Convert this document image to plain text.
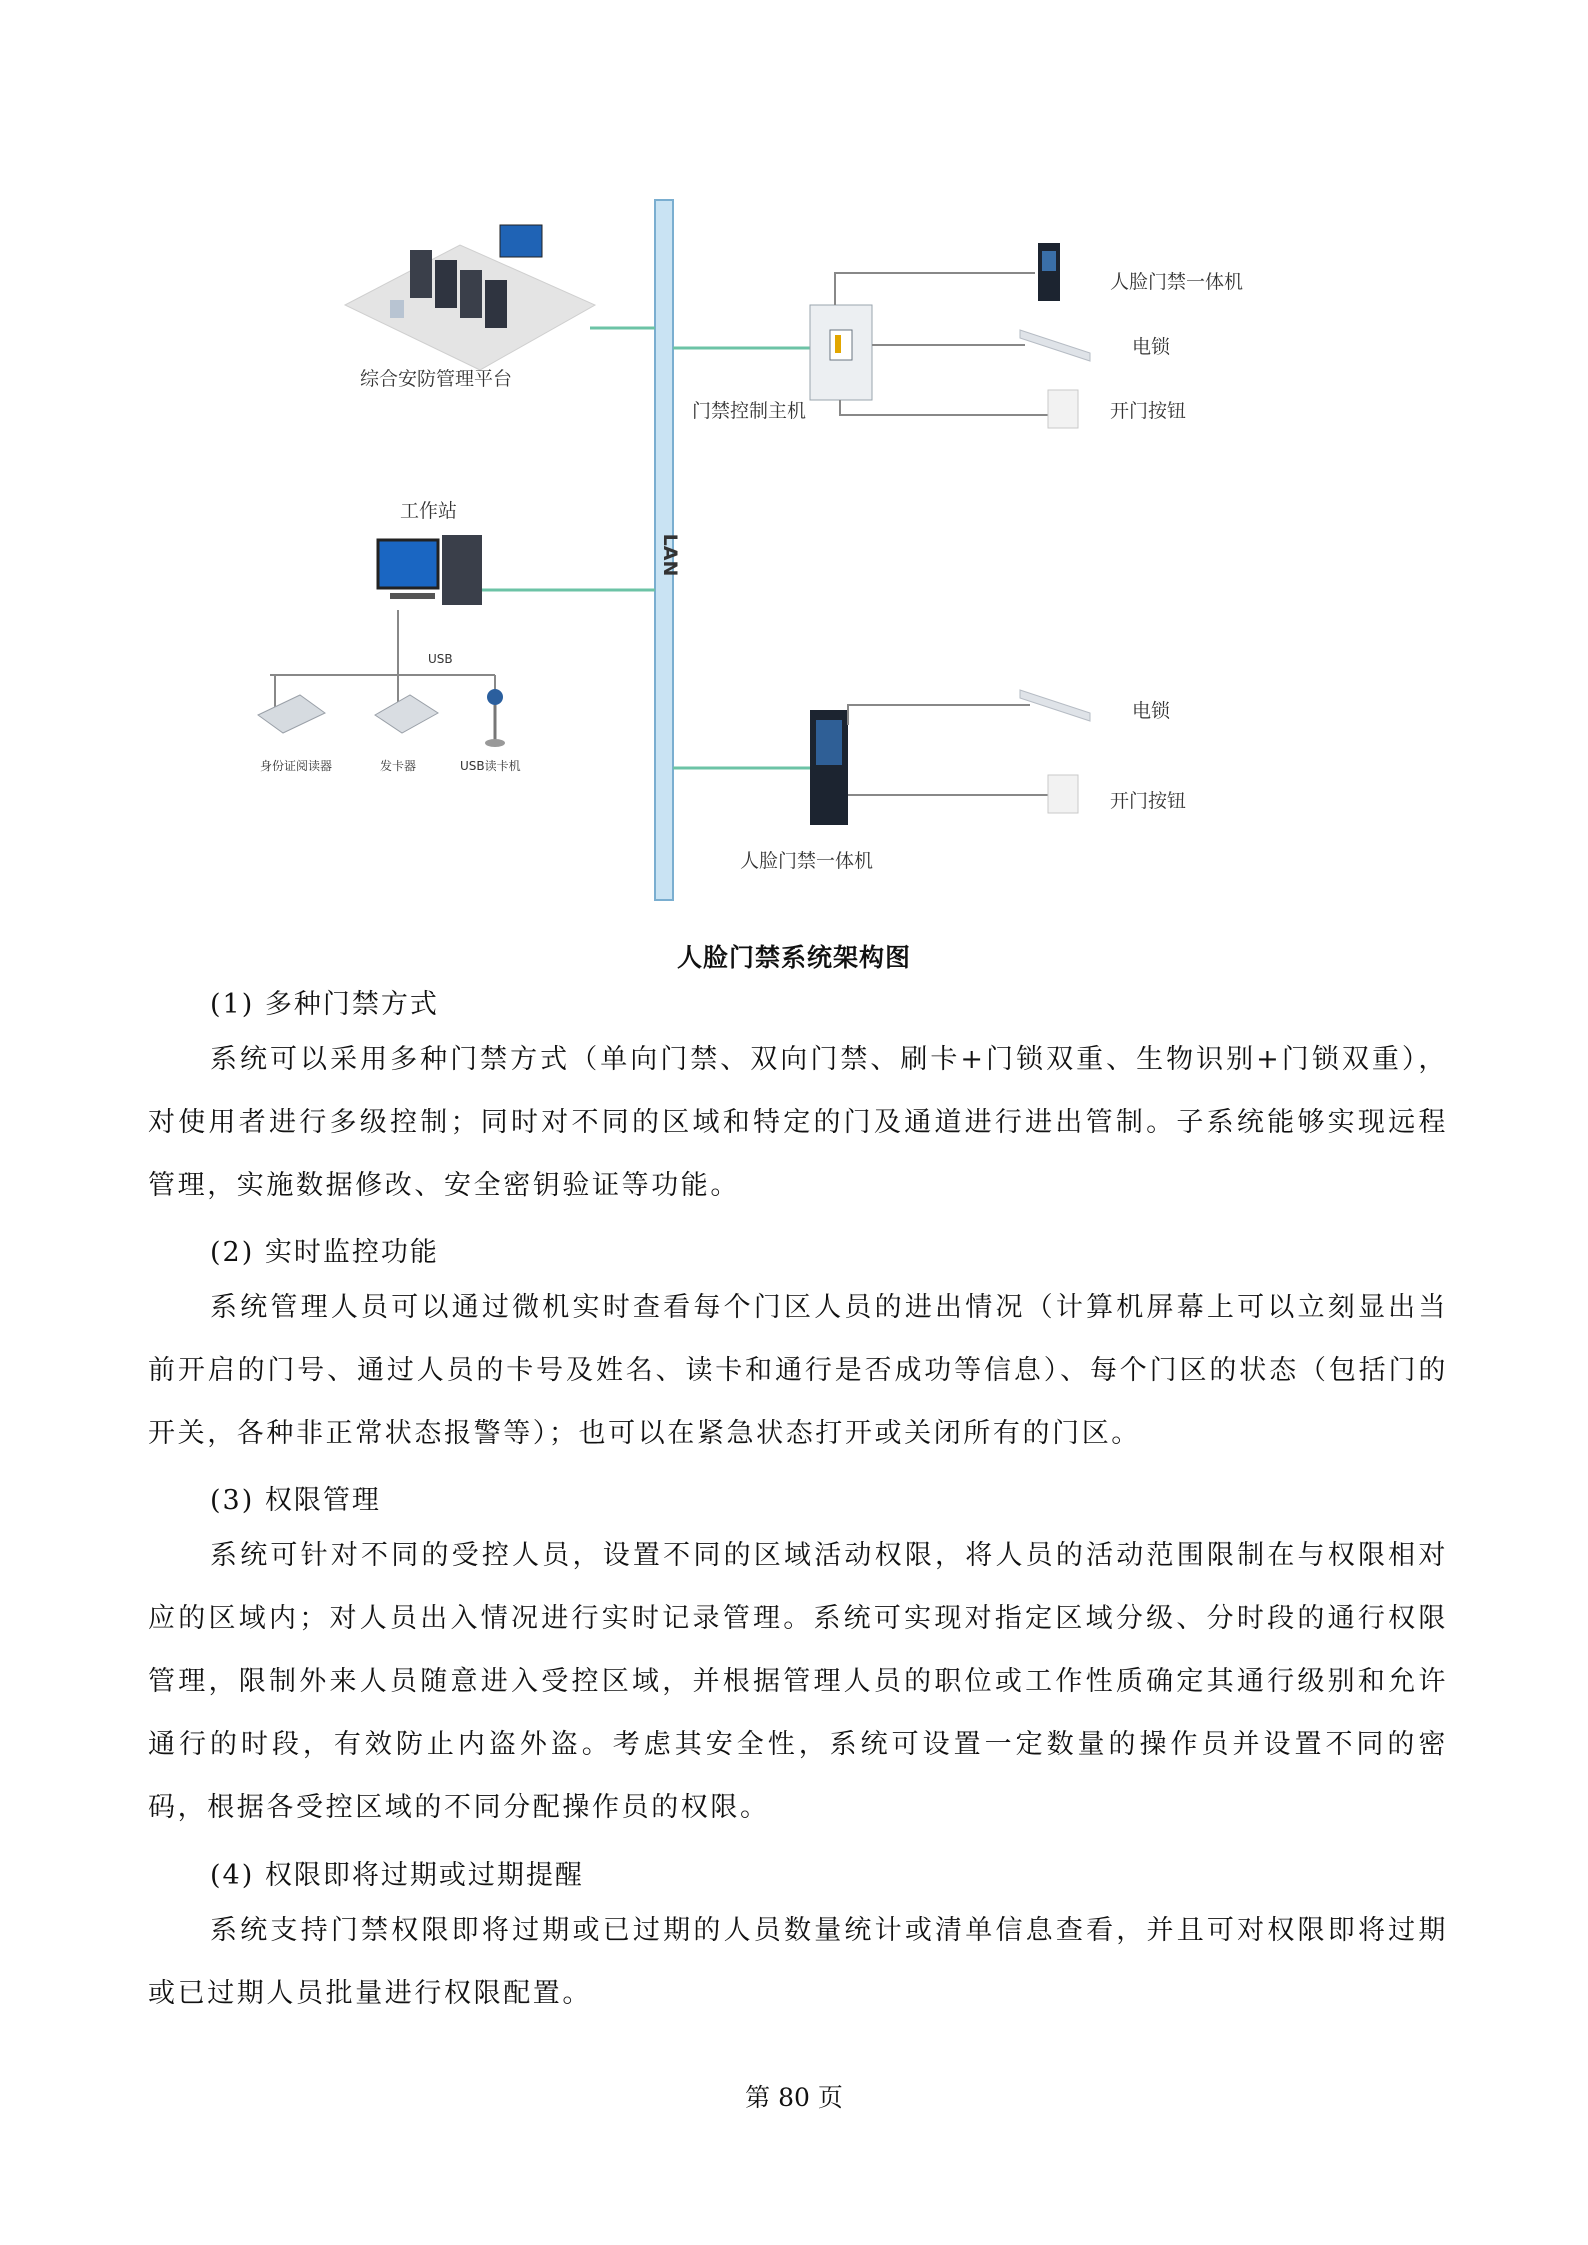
LAN
综合安防管理平台
门禁控制主机
人脸门禁一体机
电锁
开门按钮
工作站
USB
身份证阅读器	发卡器	USB读卡机
人脸门禁一体机
电锁
开门按钮
人脸门禁系统架构图
(1) 多种门禁方式
系统可以采用多种门禁方式（单向门禁、双向门禁、刷卡+门锁双重、生物识别+门锁双重），对使用者进行多级控制；同时对不同的区域和特定的门及通道进行进出管制。子系统能够实现远程管理，实施数据修改、安全密钥验证等功能。
(2) 实时监控功能
系统管理人员可以通过微机实时查看每个门区人员的进出情况（计算机屏幕上可以立刻显出当前开启的门号、通过人员的卡号及姓名、读卡和通行是否成功等信息）、每个门区的状态（包括门的开关，各种非正常状态报警等）；也可以在紧急状态打开或关闭所有的门区。
(3) 权限管理
系统可针对不同的受控人员，设置不同的区域活动权限，将人员的活动范围限制在与权限相对应的区域内；对人员出入情况进行实时记录管理。系统可实现对指定区域分级、分时段的通行权限管理，限制外来人员随意进入受控区域，并根据管理人员的职位或工作性质确定其通行级别和允许通行的时段，有效防止内盗外盗。考虑其安全性，系统可设置一定数量的操作员并设置不同的密码，根据各受控区域的不同分配操作员的权限。
(4) 权限即将过期或过期提醒
系统支持门禁权限即将过期或已过期的人员数量统计或清单信息查看，并且可对权限即将过期或已过期人员批量进行权限配置。
第 80 页
